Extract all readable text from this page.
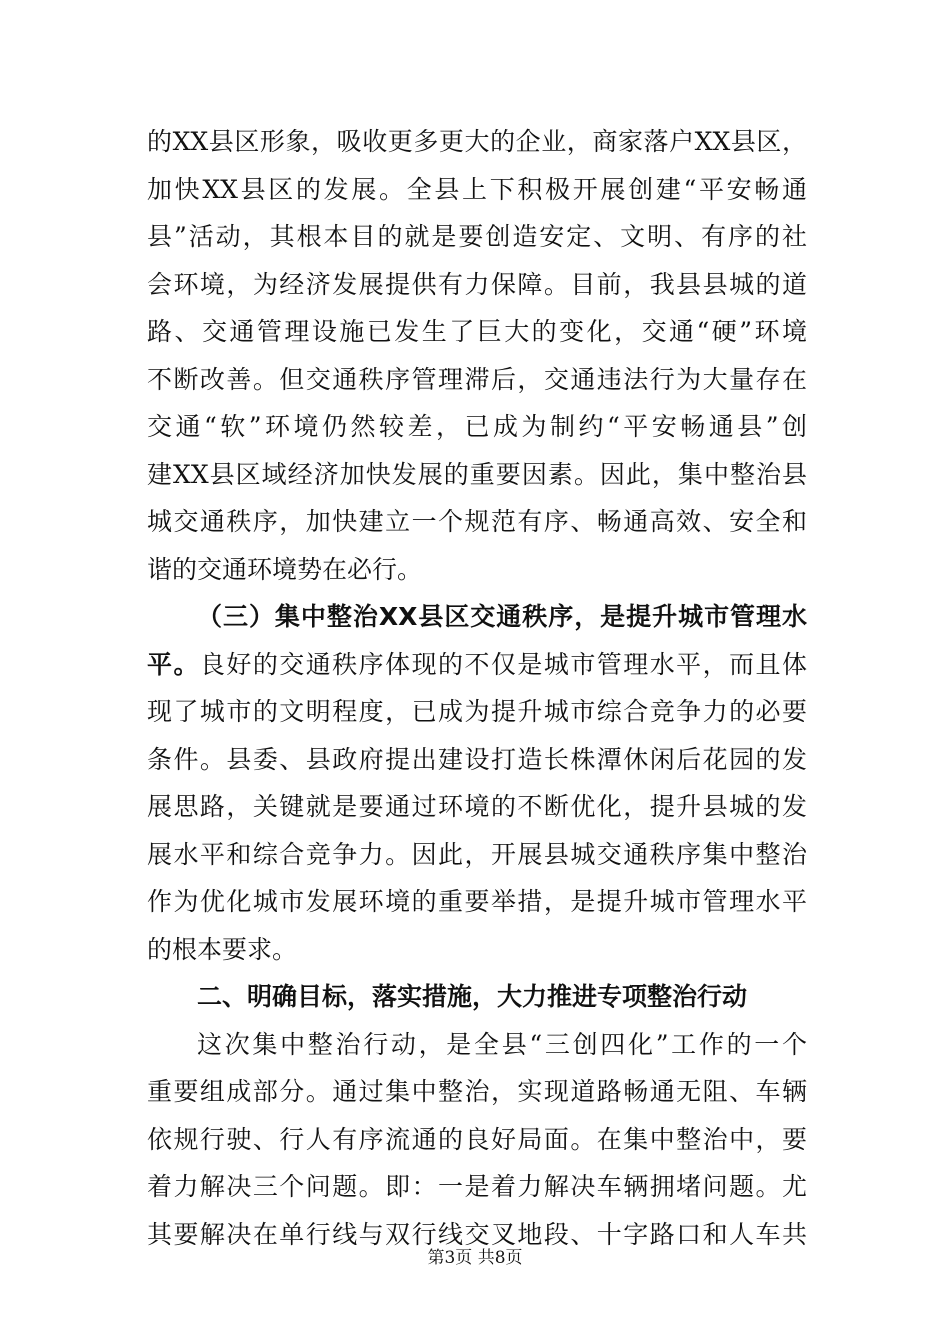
的XX县区形象，吸收更多更大的企业，商家落户XX县区，
加快XX县区的发展。全县上下积极开展创建“平安畅通
县”活动，其根本目的就是要创造安定、文明、有序的社
会环境，为经济发展提供有力保障。目前，我县县城的道
路、交通管理设施已发生了巨大的变化，交通“硬”环境
不断改善。但交通秩序管理滞后，交通违法行为大量存在
交通“软”环境仍然较差，已成为制约“平安畅通县”创
建XX县区域经济加快发展的重要因素。因此，集中整治县
城交通秩序，加快建立一个规范有序、畅通高效、安全和
谐的交通环境势在必行。
（三）集中整治XX县区交通秩序，是提升城市管理水
平。良好的交通秩序体现的不仅是城市管理水平，而且体
现了城市的文明程度，已成为提升城市综合竞争力的必要
条件。县委、县政府提出建设打造长株潭休闲后花园的发
展思路，关键就是要通过环境的不断优化，提升县城的发
展水平和综合竞争力。因此，开展县城交通秩序集中整治
作为优化城市发展环境的重要举措，是提升城市管理水平
的根本要求。
二、明确目标，落实措施，大力推进专项整治行动
这次集中整治行动，是全县“三创四化”工作的一个
重要组成部分。通过集中整治，实现道路畅通无阻、车辆
依规行驶、行人有序流通的良好局面。在集中整治中，要
着力解决三个问题。即：一是着力解决车辆拥堵问题。尤
其要解决在单行线与双行线交叉地段、十字路口和人车共
第3页 共8页
